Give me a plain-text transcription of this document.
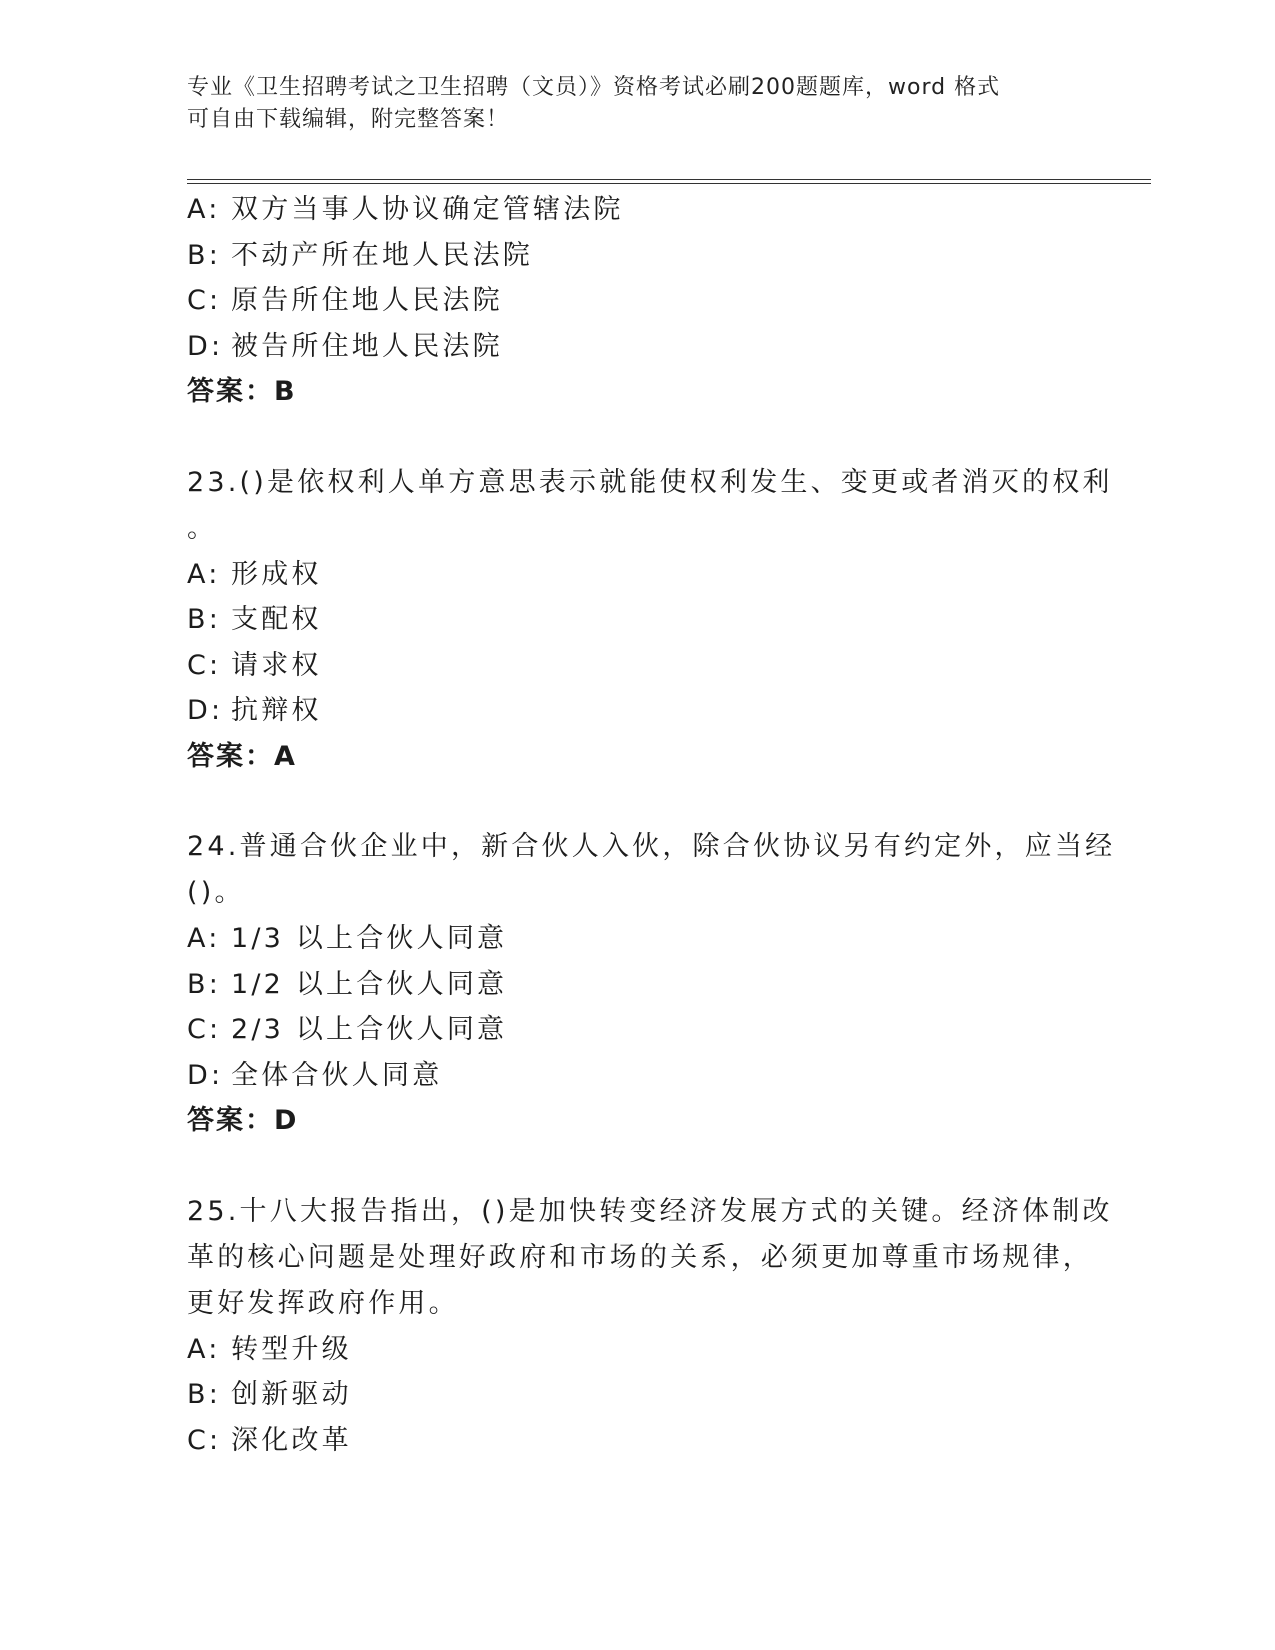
专业《卫生招聘考试之卫生招聘（文员）》资格考试必刷200题题库，word 格式
可自由下载编辑，附完整答案！
A: 双方当事人协议确定管辖法院
B: 不动产所在地人民法院
C: 原告所住地人民法院
D: 被告所住地人民法院
答案：B
23.()是依权利人单方意思表示就能使权利发生、变更或者消灭的权利
。
A: 形成权
B: 支配权
C: 请求权
D: 抗辩权
答案：A
24.普通合伙企业中，新合伙人入伙，除合伙协议另有约定外，应当经
()。
A: 1/3 以上合伙人同意
B: 1/2 以上合伙人同意
C: 2/3 以上合伙人同意
D: 全体合伙人同意
答案：D
25.十八大报告指出，()是加快转变经济发展方式的关键。经济体制改
革的核心问题是处理好政府和市场的关系，必须更加尊重市场规律，
更好发挥政府作用。
A: 转型升级
B: 创新驱动
C: 深化改革
